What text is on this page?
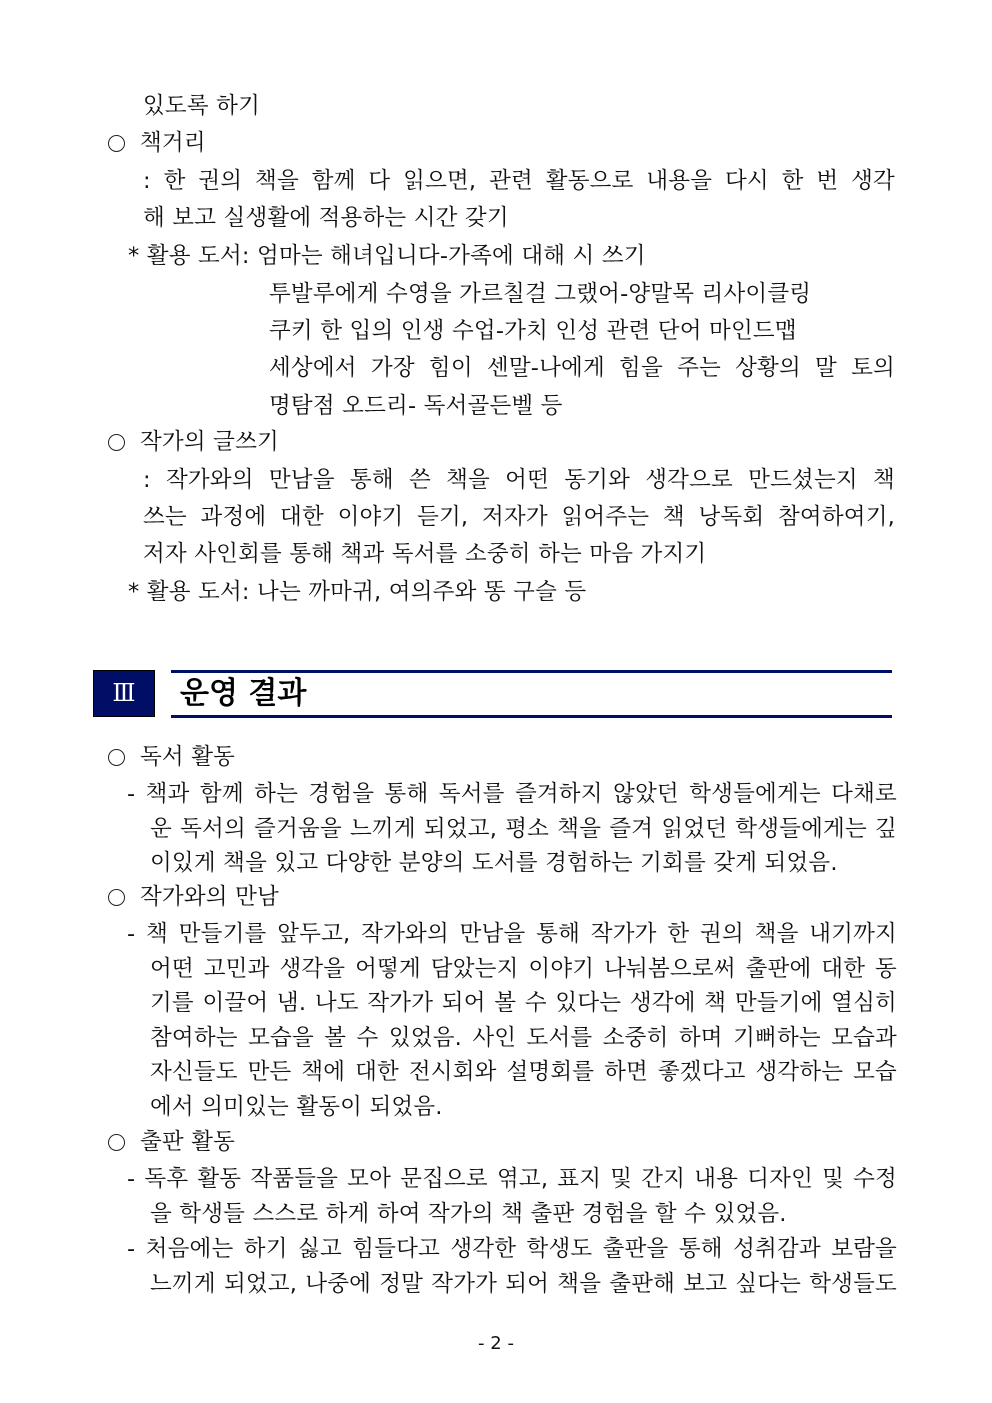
있도록 하기
책거리
: 한 권의 책을 함께 다 읽으면, 관련 활동으로 내용을 다시 한 번 생각
해 보고 실생활에 적용하는 시간 갖기
* 활용 도서: 엄마는 해녀입니다-가족에 대해 시 쓰기
투발루에게 수영을 가르칠걸 그랬어-양말목 리사이클링
쿠키 한 입의 인생 수업-가치 인성 관련 단어 마인드맵
세상에서 가장 힘이 센말-나에게 힘을 주는 상황의 말 토의
명탐점 오드리- 독서골든벨 등
작가의 글쓰기
: 작가와의 만남을 통해 쓴 책을 어떤 동기와 생각으로 만드셨는지 책
쓰는 과정에 대한 이야기 듣기, 저자가 읽어주는 책 낭독회 참여하여기,
저자 사인회를 통해 책과 독서를 소중히 하는 마음 가지기
* 활용 도서: 나는 까마귀, 여의주와 똥 구슬 등
Ⅲ	운영 결과
독서 활동
- 책과 함께 하는 경험을 통해 독서를 즐겨하지 않았던 학생들에게는 다채로
운 독서의 즐거움을 느끼게 되었고, 평소 책을 즐겨 읽었던 학생들에게는 깊
이있게 책을 있고 다양한 분양의 도서를 경험하는 기회를 갖게 되었음.
작가와의 만남
- 책 만들기를 앞두고, 작가와의 만남을 통해 작가가 한 권의 책을 내기까지
어떤 고민과 생각을 어떻게 담았는지 이야기 나눠봄으로써 출판에 대한 동
기를 이끌어 냄. 나도 작가가 되어 볼 수 있다는 생각에 책 만들기에 열심히
참여하는 모습을 볼 수 있었음. 사인 도서를 소중히 하며 기뻐하는 모습과
자신들도 만든 책에 대한 전시회와 설명회를 하면 좋겠다고 생각하는 모습
에서 의미있는 활동이 되었음.
출판 활동
- 독후 활동 작품들을 모아 문집으로 엮고, 표지 및 간지 내용 디자인 및 수정
을 학생들 스스로 하게 하여 작가의 책 출판 경험을 할 수 있었음.
- 처음에는 하기 싫고 힘들다고 생각한 학생도 출판을 통해 성취감과 보람을
느끼게 되었고, 나중에 정말 작가가 되어 책을 출판해 보고 싶다는 학생들도
- 2 -
